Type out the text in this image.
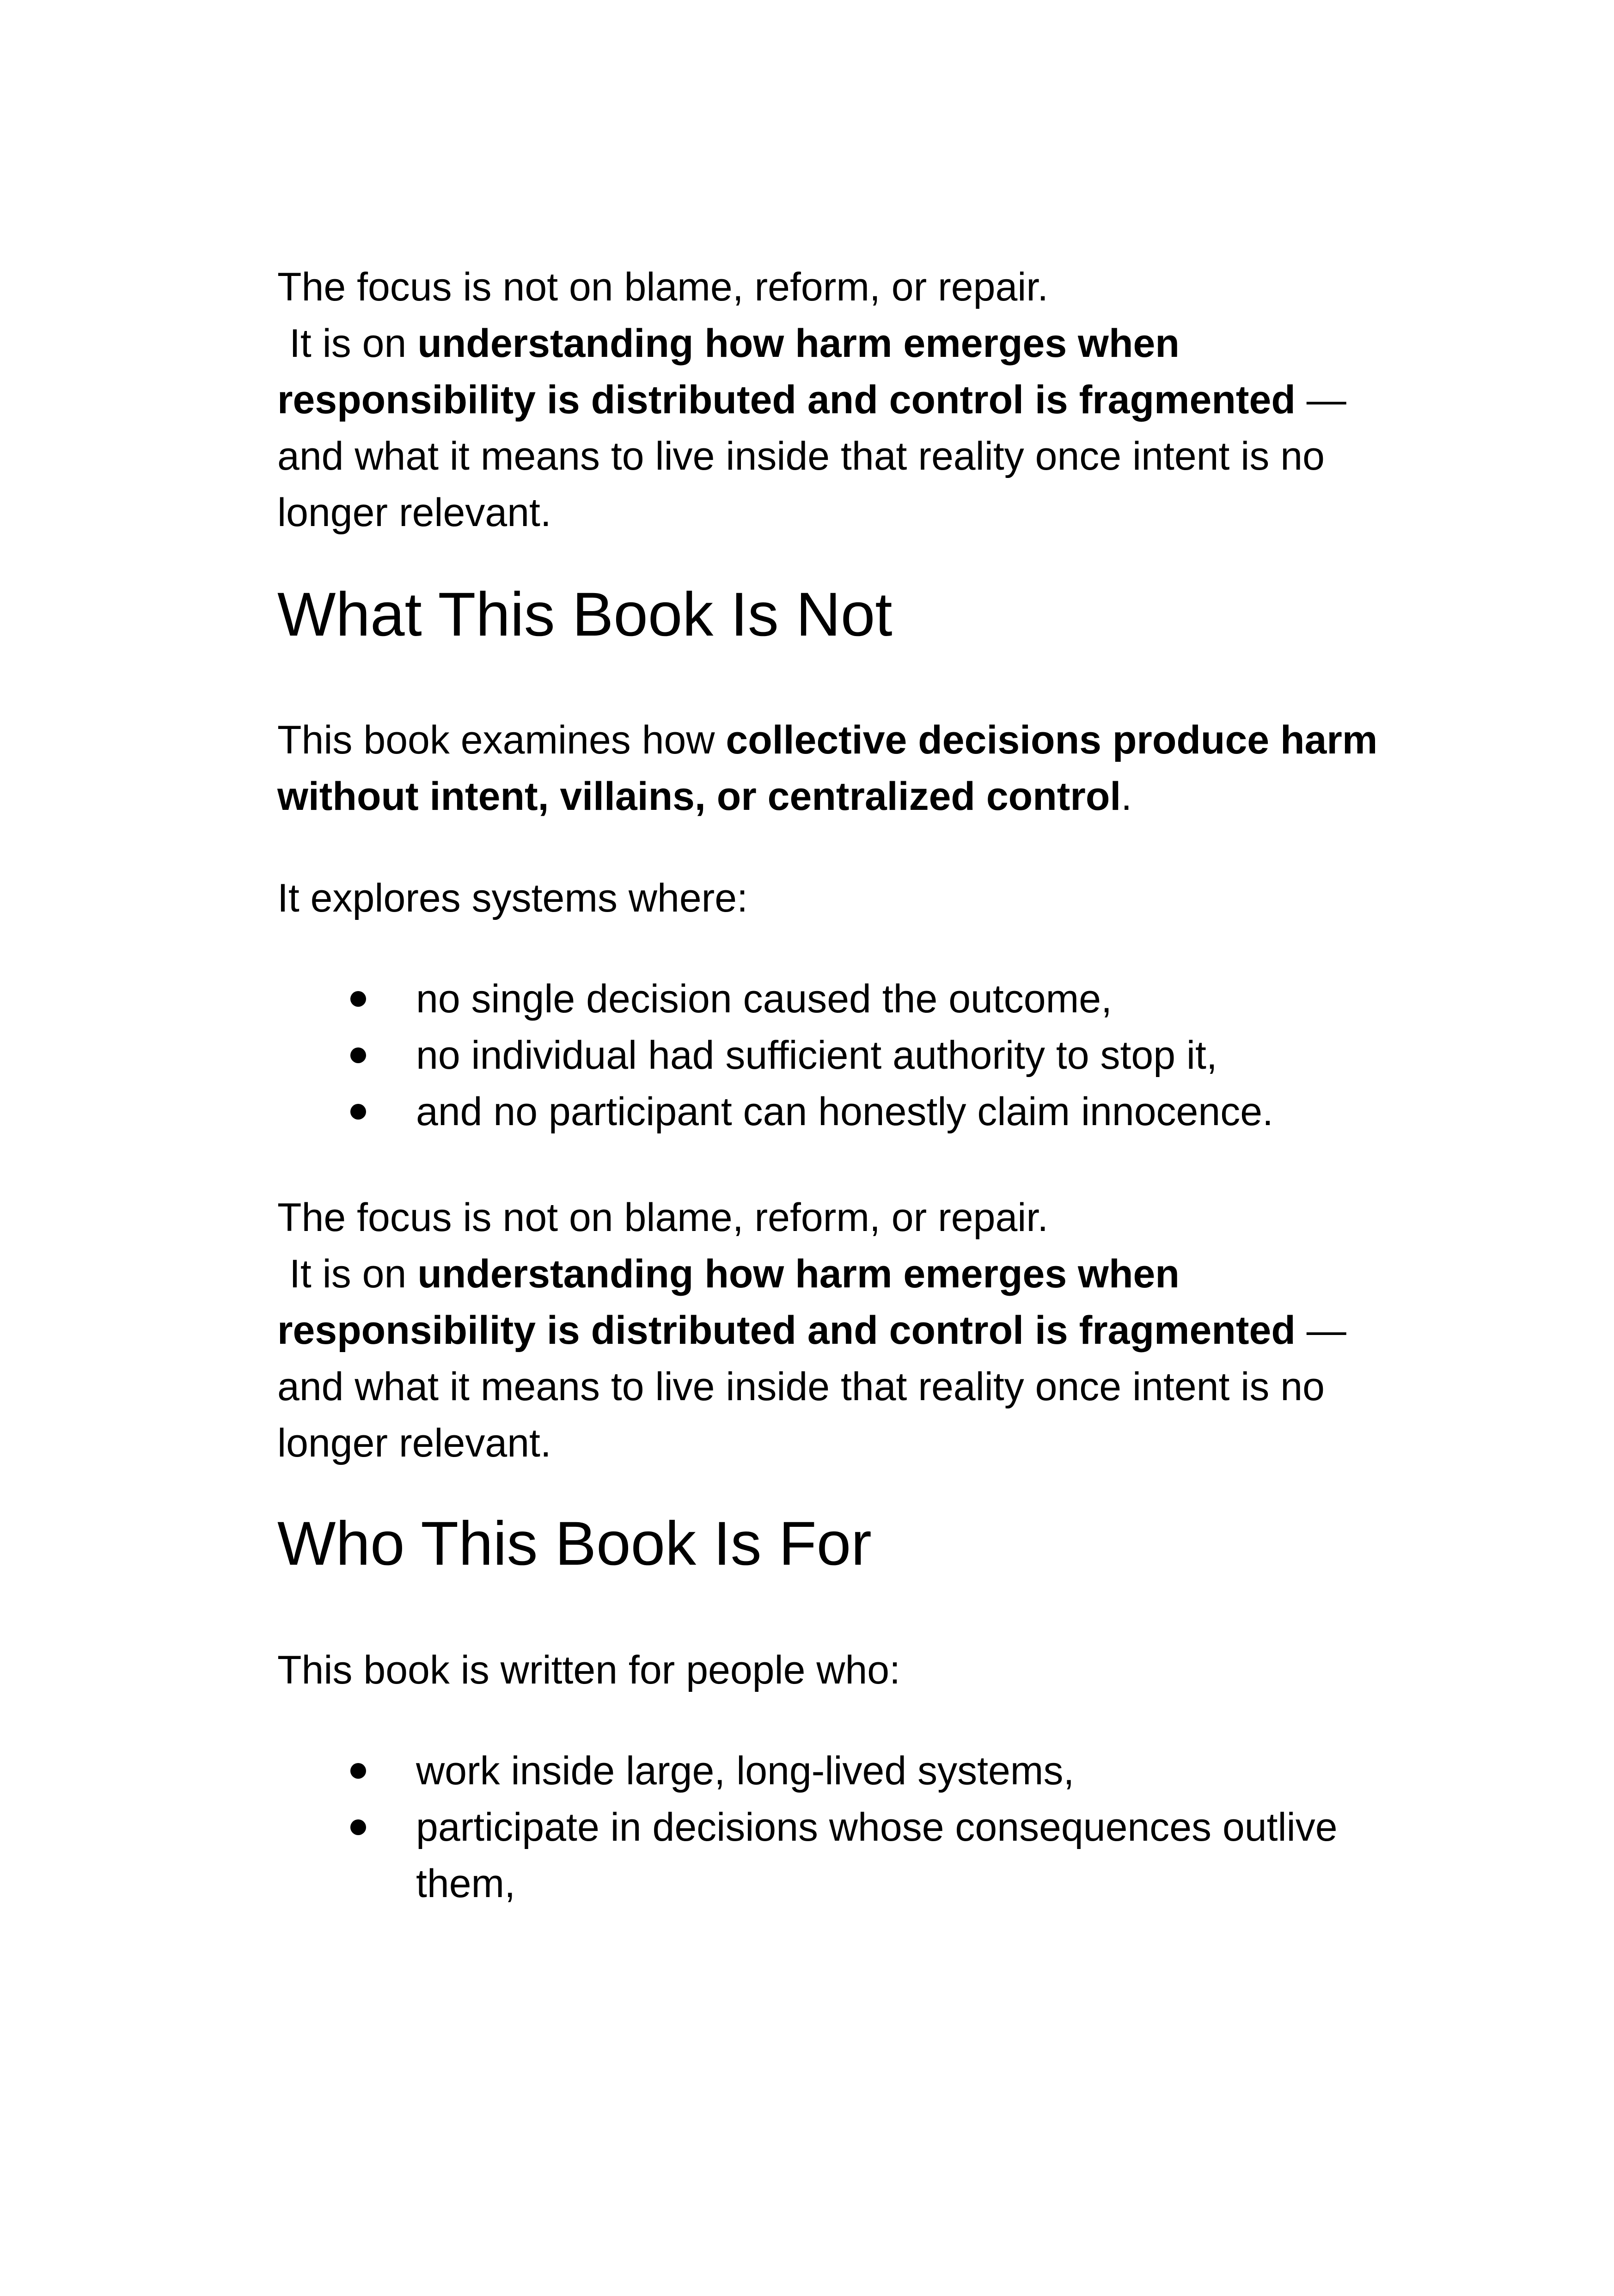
The focus is not on blame, reform, or repair.
It is on understanding how harm emerges when responsibility is distributed and control is fragmented — and what it means to live inside that reality once intent is no longer relevant.

What This Book Is Not

This book examines how collective decisions produce harm without intent, villains, or centralized control.

It explores systems where:

no single decision caused the outcome,
no individual had sufficient authority to stop it,
and no participant can honestly claim innocence.

The focus is not on blame, reform, or repair.
It is on understanding how harm emerges when responsibility is distributed and control is fragmented — and what it means to live inside that reality once intent is no longer relevant.

Who This Book Is For

This book is written for people who:

work inside large, long-lived systems,
participate in decisions whose consequences outlive them,
